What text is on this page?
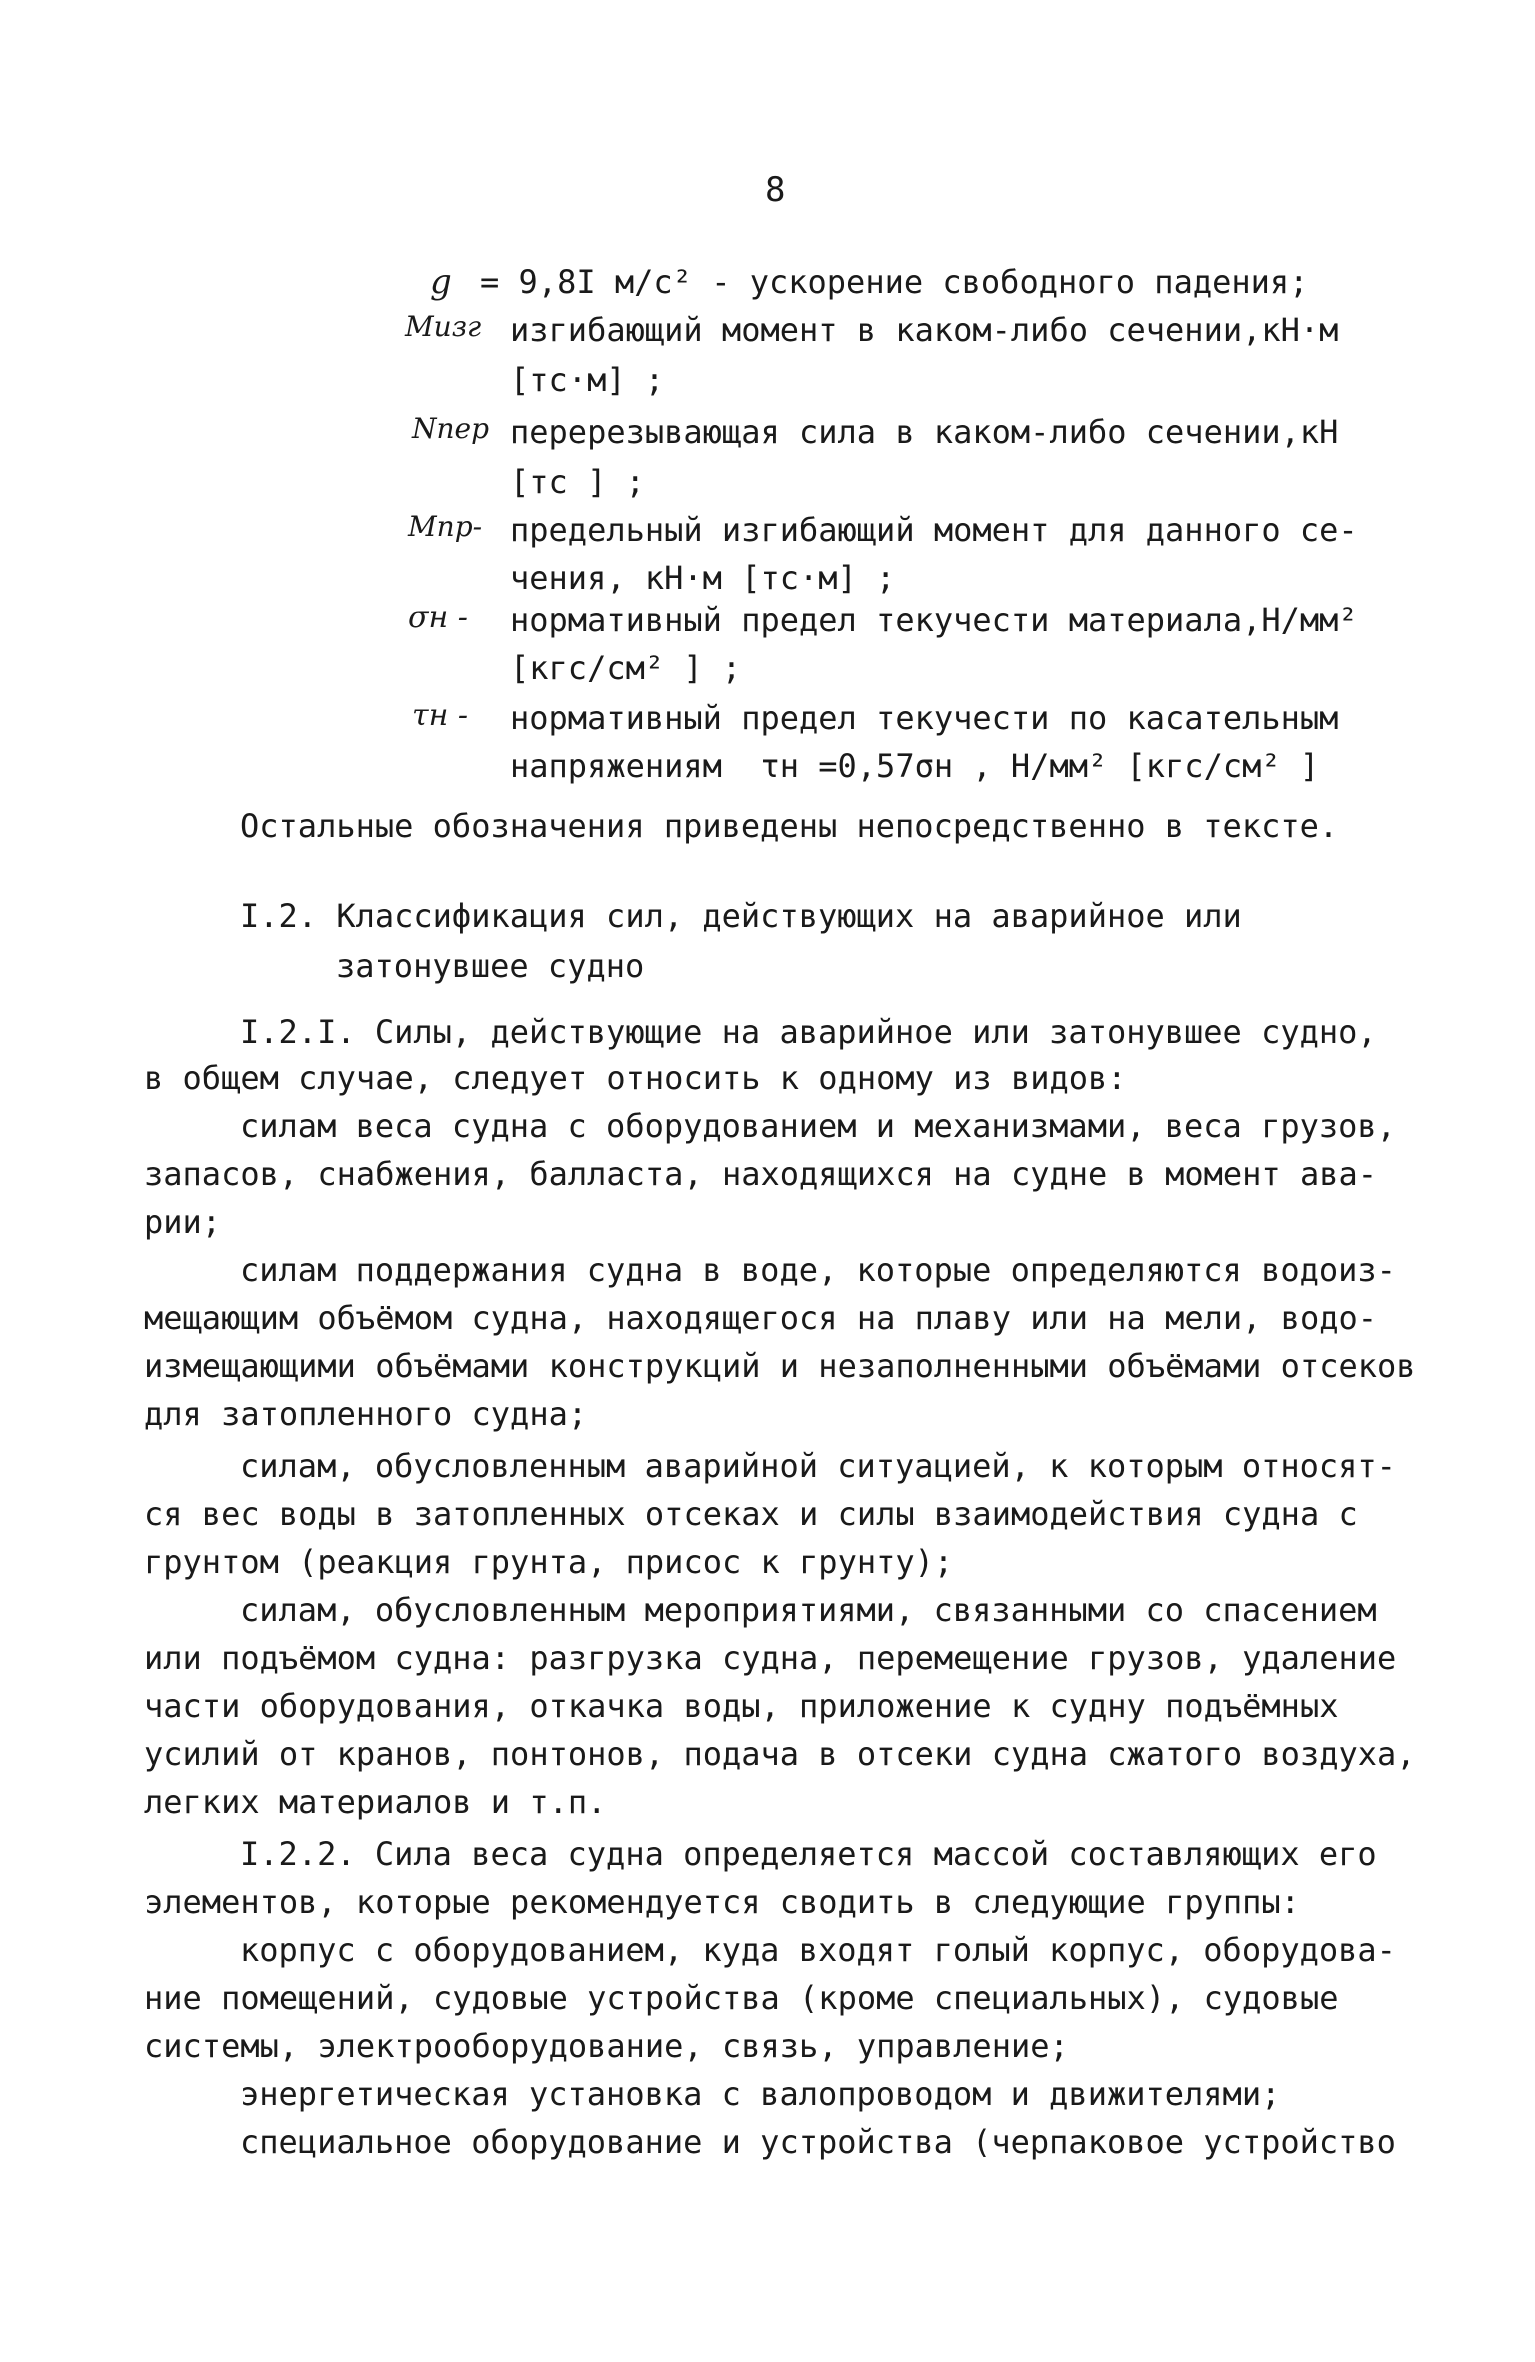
8
g = 9,8I м/с² - ускорение свободного падения;
Mизг изгибающий момент в каком-либо сечении,кН·м
[тс·м] ;
Nпер перерезывающая сила в каком-либо сечении,кН
[тс ] ;
Mпр- предельный изгибающий момент для данного се-
чения, кН·м [тс·м] ;
σн - нормативный предел текучести материала,Н/мм²
[кгс/см² ] ;
τн - нормативный предел текучести по касательным
напряжениям  τн =0,57σн , Н/мм² [кгс/см² ]
Остальные обозначения приведены непосредственно в тексте.
I.2. Классификация сил, действующих на аварийное или
затонувшее судно
I.2.I. Силы, действующие на аварийное или затонувшее судно,
в общем случае, следует относить к одному из видов:
силам веса судна с оборудованием и механизмами, веса грузов,
запасов, снабжения, балласта, находящихся на судне в момент ава-
рии;
силам поддержания судна в воде, которые определяются водоиз-
мещающим объёмом судна, находящегося на плаву или на мели, водо-
измещающими объёмами конструкций и незаполненными объёмами отсеков
для затопленного судна;
силам, обусловленным аварийной ситуацией, к которым относят-
ся вес воды в затопленных отсеках и силы взаимодействия судна с
грунтом (реакция грунта, присос к грунту);
силам, обусловленным мероприятиями, связанными со спасением
или подъёмом судна: разгрузка судна, перемещение грузов, удаление
части оборудования, откачка воды, приложение к судну подъёмных
усилий от кранов, понтонов, подача в отсеки судна сжатого воздуха,
легких материалов и т.п.
I.2.2. Сила веса судна определяется массой составляющих его
элементов, которые рекомендуется сводить в следующие группы:
корпус с оборудованием, куда входят голый корпус, оборудова-
ние помещений, судовые устройства (кроме специальных), судовые
системы, электрооборудование, связь, управление;
энергетическая установка с валопроводом и движителями;
специальное оборудование и устройства (черпаковое устройство
